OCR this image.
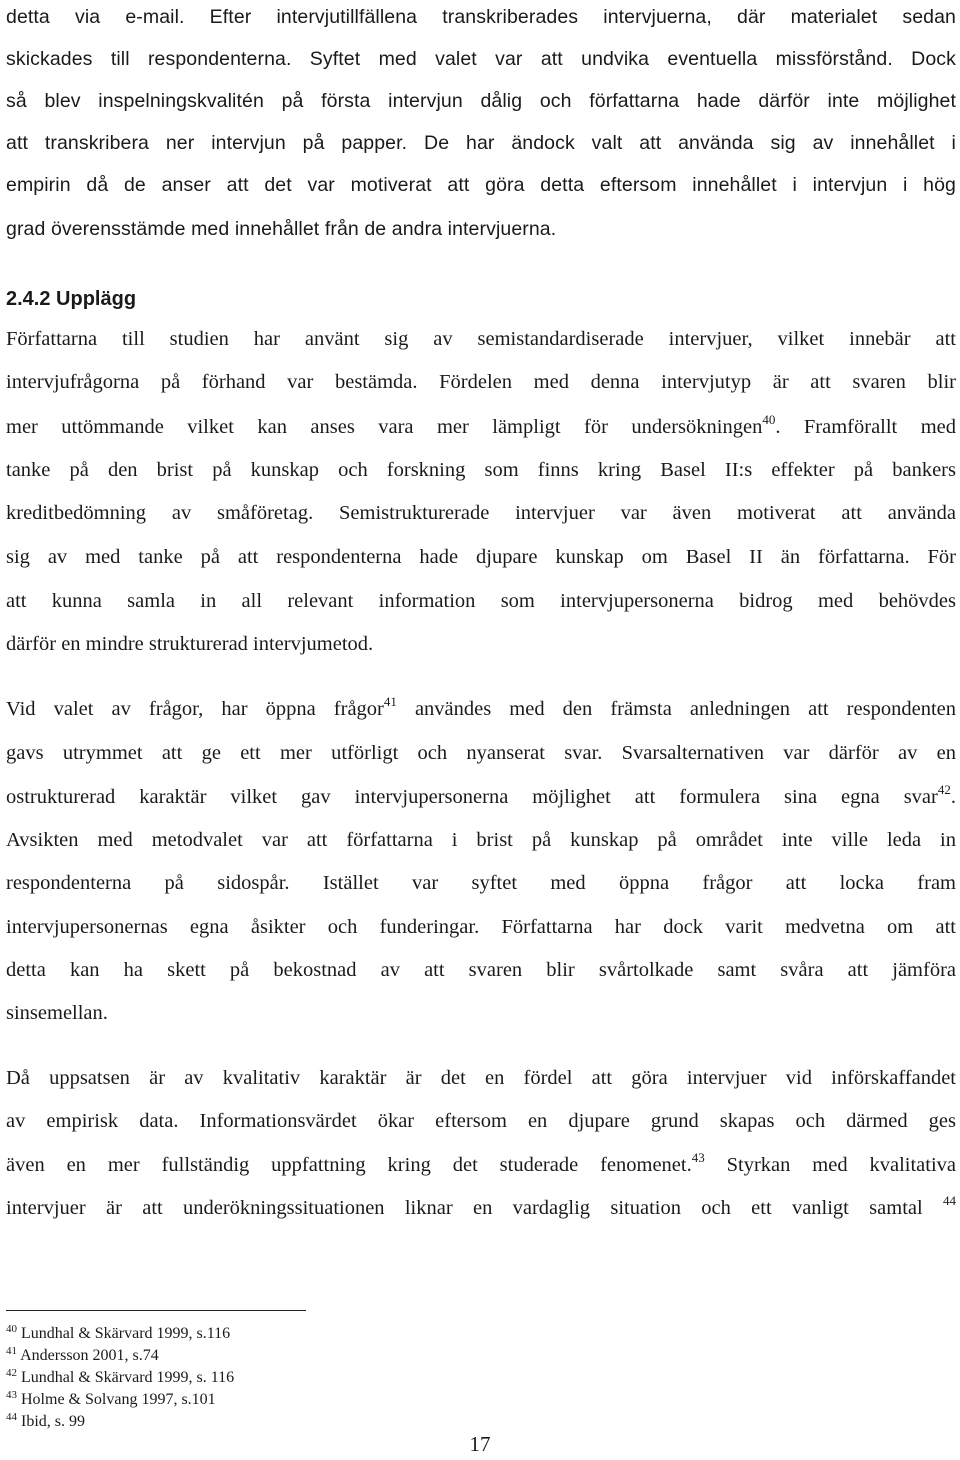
detta via e-mail. Efter intervjutillfällena transkriberades intervjuerna, där materialet sedan
skickades till respondenterna. Syftet med valet var att undvika eventuella missförstånd. Dock
så blev inspelningskvalitén på första intervjun dålig och författarna hade därför inte möjlighet
att transkribera ner intervjun på papper. De har ändock valt att använda sig av innehållet i
empirin då de anser att det var motiverat att göra detta eftersom innehållet i intervjun i hög
grad överensstämde med innehållet från de andra intervjuerna.
2.4.2 Upplägg
Författarna till studien har använt sig av semistandardiserade intervjuer, vilket innebär att
intervjufrågorna på förhand var bestämda. Fördelen med denna intervjutyp är att svaren blir
mer uttömmande vilket kan anses vara mer lämpligt för undersökningen$^{40}$. Framförallt med
tanke på den brist på kunskap och forskning som finns kring Basel II:s effekter på bankers
kreditbedömning av småföretag. Semistrukturerade intervjuer var även motiverat att använda
sig av med tanke på att respondenterna hade djupare kunskap om Basel II än författarna. För
att kunna samla in all relevant information som intervjupersonerna bidrog med behövdes
därför en mindre strukturerad intervjumetod.
Vid valet av frågor, har öppna frågor$^{41}$ användes med den främsta anledningen att respondenten
gavs utrymmet att ge ett mer utförligt och nyanserat svar. Svarsalternativen var därför av en
ostrukturerad karaktär vilket gav intervjupersonerna möjlighet att formulera sina egna svar$^{42}$.
Avsikten med metodvalet var att författarna i brist på kunskap på området inte ville leda in
respondenterna på sidospår. Istället var syftet med öppna frågor att locka fram
intervjupersonernas egna åsikter och funderingar. Författarna har dock varit medvetna om att
detta kan ha skett på bekostnad av att svaren blir svårtolkade samt svåra att jämföra
sinsemellan.
Då uppsatsen är av kvalitativ karaktär är det en fördel att göra intervjuer vid införskaffandet
av empirisk data. Informationsvärdet ökar eftersom en djupare grund skapas och därmed ges
även en mer fullständig uppfattning kring det studerade fenomenet.$^{43}$ Styrkan med kvalitativa
intervjuer är att underökningssituationen liknar en vardaglig situation och ett vanligt samtal $^{44}$
$^{40}$ Lundhal & Skärvard 1999, s.116
$^{41}$ Andersson 2001, s.74
$^{42}$ Lundhal & Skärvard 1999, s. 116
$^{43}$ Holme & Solvang 1997, s.101
$^{44}$ Ibid, s. 99
17
